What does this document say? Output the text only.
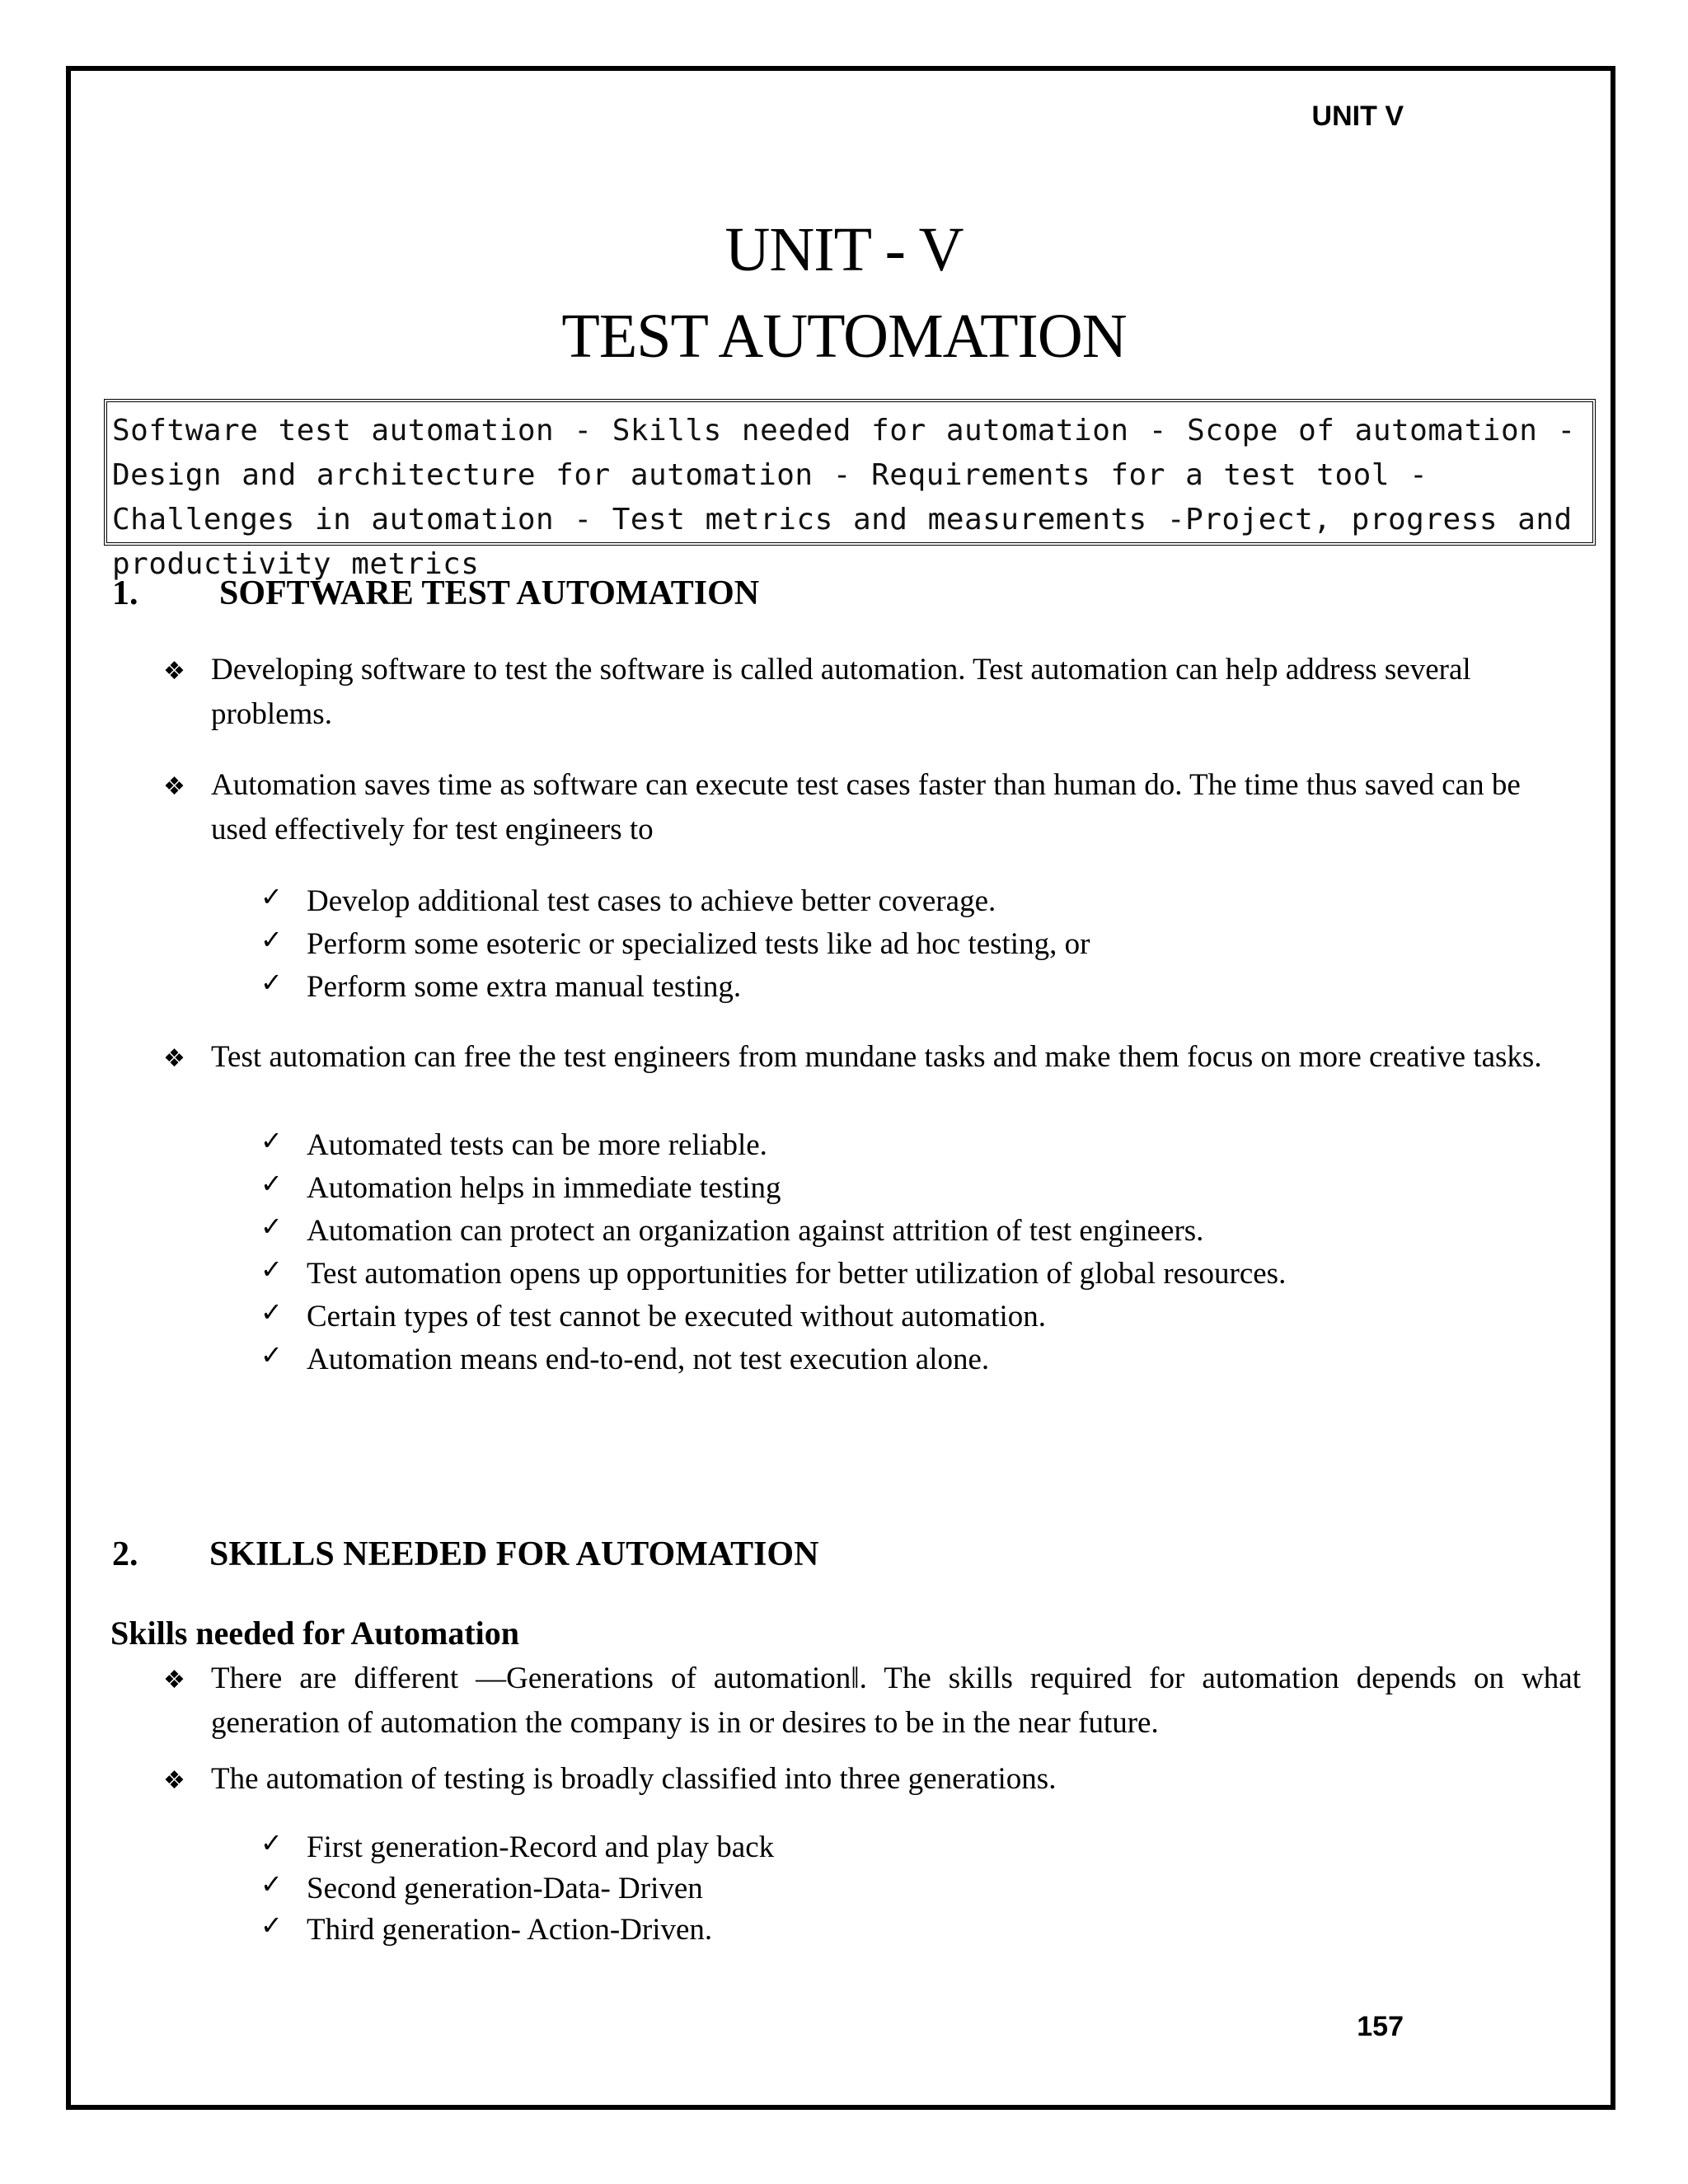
UNIT V
UNIT - V
TEST AUTOMATION
Software test automation - Skills needed for automation - Scope of automation - Design and architecture for automation - Requirements for a test tool - Challenges in automation - Test metrics and measurements -Project, progress and productivity metrics
1. SOFTWARE TEST AUTOMATION
❖ Developing software to test the software is called automation. Test automation can help address several problems.
❖ Automation saves time as software can execute test cases faster than human do. The time thus saved can be used effectively for test engineers to
✓ Develop additional test cases to achieve better coverage.
✓ Perform some esoteric or specialized tests like ad hoc testing, or
✓ Perform some extra manual testing.
❖ Test automation can free the test engineers from mundane tasks and make them focus on more creative tasks.
✓ Automated tests can be more reliable.
✓ Automation helps in immediate testing
✓ Automation can protect an organization against attrition of test engineers.
✓ Test automation opens up opportunities for better utilization of global resources.
✓ Certain types of test cannot be executed without automation.
✓ Automation means end-to-end, not test execution alone.
2. SKILLS NEEDED FOR AUTOMATION
Skills needed for Automation
❖ There are different ―Generations of automation‖. The skills required for automation depends on what generation of automation the company is in or desires to be in the near future.
❖ The automation of testing is broadly classified into three generations.
✓ First generation-Record and play back
✓ Second generation-Data- Driven
✓ Third generation- Action-Driven.
157
